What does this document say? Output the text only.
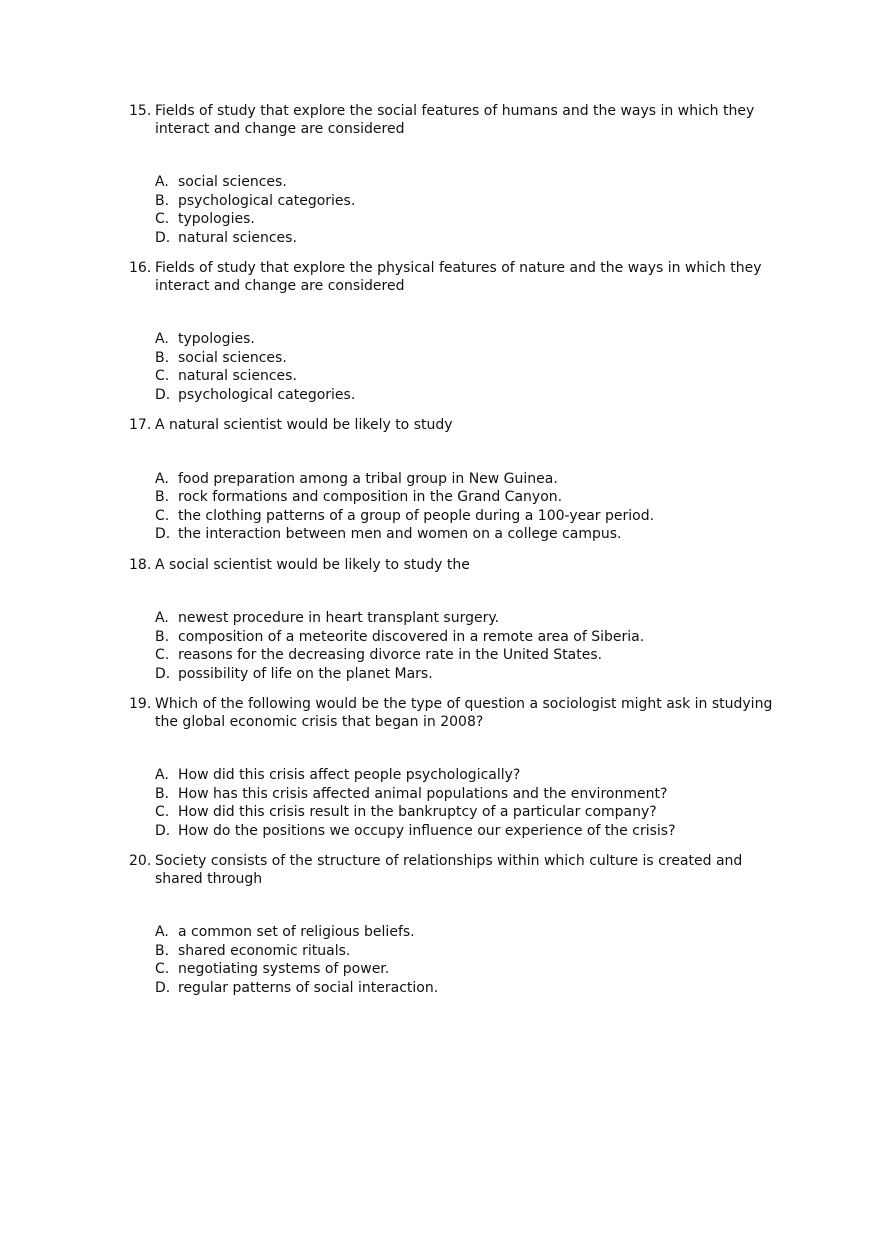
15. Fields of study that explore the social features of humans and the ways in which they interact and change are considered
A. social sciences.
B. psychological categories.
C. typologies.
D. natural sciences.
16. Fields of study that explore the physical features of nature and the ways in which they interact and change are considered
A. typologies.
B. social sciences.
C. natural sciences.
D. psychological categories.
17. A natural scientist would be likely to study
A. food preparation among a tribal group in New Guinea.
B. rock formations and composition in the Grand Canyon.
C. the clothing patterns of a group of people during a 100-year period.
D. the interaction between men and women on a college campus.
18. A social scientist would be likely to study the
A. newest procedure in heart transplant surgery.
B. composition of a meteorite discovered in a remote area of Siberia.
C. reasons for the decreasing divorce rate in the United States.
D. possibility of life on the planet Mars.
19. Which of the following would be the type of question a sociologist might ask in studying the global economic crisis that began in 2008?
A. How did this crisis affect people psychologically?
B. How has this crisis affected animal populations and the environment?
C. How did this crisis result in the bankruptcy of a particular company?
D. How do the positions we occupy influence our experience of the crisis?
20. Society consists of the structure of relationships within which culture is created and shared through
A. a common set of religious beliefs.
B. shared economic rituals.
C. negotiating systems of power.
D. regular patterns of social interaction.
